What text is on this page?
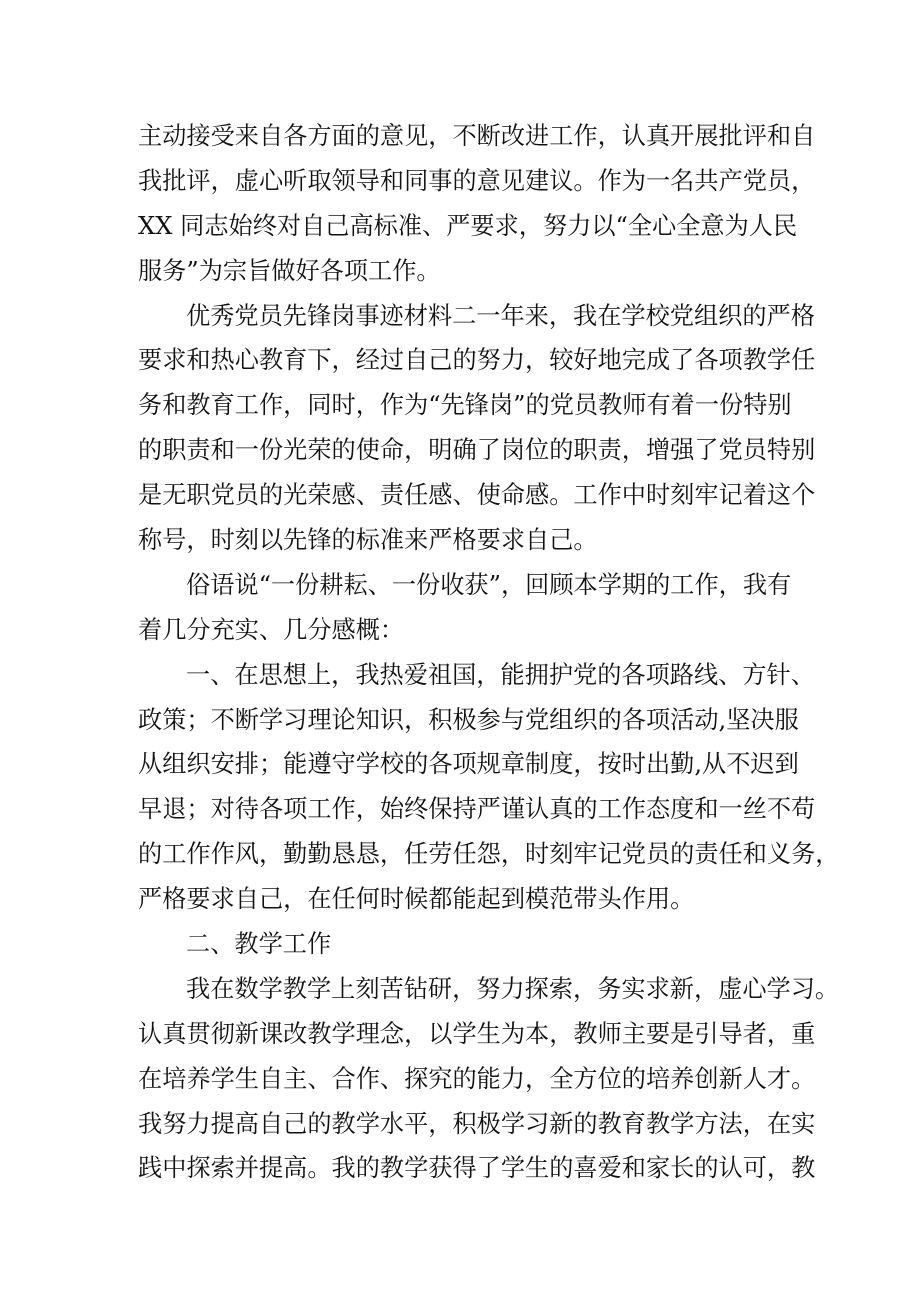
主动接受来自各方面的意见，不断改进工作，认真开展批评和自
我批评，虚心听取领导和同事的意见建议。作为一名共产党员，
XX 同志始终对自己高标准、严要求，努力以“全心全意为人民
服务”为宗旨做好各项工作。
优秀党员先锋岗事迹材料二一年来，我在学校党组织的严格
要求和热心教育下，经过自己的努力，较好地完成了各项教学任
务和教育工作，同时，作为“先锋岗”的党员教师有着一份特别
的职责和一份光荣的使命，明确了岗位的职责，增强了党员特别
是无职党员的光荣感、责任感、使命感。工作中时刻牢记着这个
称号，时刻以先锋的标准来严格要求自己。
俗语说“一份耕耘、一份收获”，回顾本学期的工作，我有
着几分充实、几分感概：
一、在思想上，我热爱祖国，能拥护党的各项路线、方针、
政策；不断学习理论知识，积极参与党组织的各项活动,坚决服
从组织安排；能遵守学校的各项规章制度，按时出勤,从不迟到
早退；对待各项工作，始终保持严谨认真的工作态度和一丝不苟
的工作作风，勤勤恳恳，任劳任怨，时刻牢记党员的责任和义务，
严格要求自己，在任何时候都能起到模范带头作用。
二、教学工作
我在数学教学上刻苦钻研，努力探索，务实求新，虚心学习。
认真贯彻新课改教学理念，以学生为本，教师主要是引导者，重
在培养学生自主、合作、探究的能力，全方位的培养创新人才。
我努力提高自己的教学水平，积极学习新的教育教学方法，在实
践中探索并提高。我的教学获得了学生的喜爱和家长的认可，教
